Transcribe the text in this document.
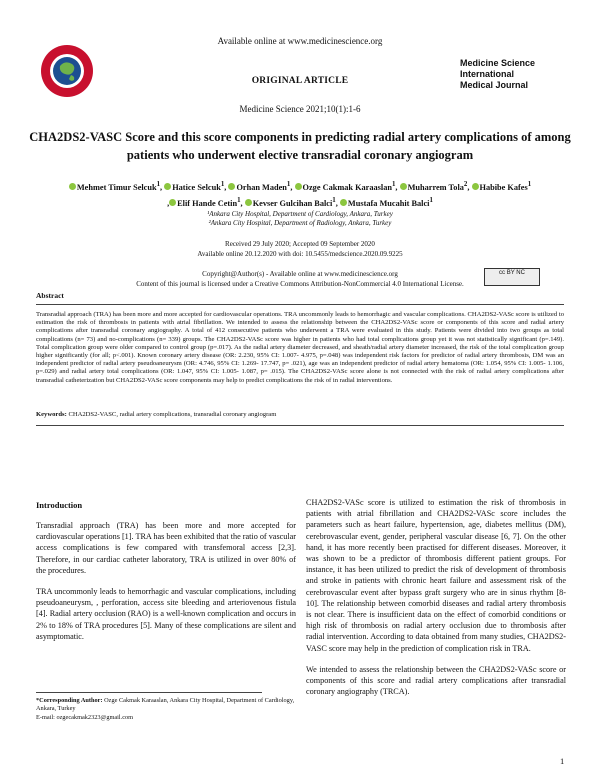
Medicine Science
International
Medical Journal
Available online at www.medicinescience.org
ORIGINAL ARTICLE
Medicine Science 2021;10(1):1-6
CHA2DS2-VASC Score and this score components in predicting radial artery complications of among patients who underwent elective transradial coronary angiogram
Mehmet Timur Selcuk$^1$, Hatice Selcuk$^1$, Orhan Maden$^1$, Ozge Cakmak Karaaslan$^1$, Muharrem Tola$^2$, Habibe Kafes$^1$
, Elif Hande Cetin$^1$, Kevser Gulcihan Balci$^1$, Mustafa Mucahit Balci$^1$
¹Ankara City Hospital, Department of Cardiology, Ankara, Turkey
²Ankara City Hospital, Department of Radiology, Ankara, Turkey
Received 29 July 2020; Accepted 09 September 2020
Available online 20.12.2020 with doi: 10.5455/medscience.2020.09.9225
Copyright@Author(s) - Available online at www.medicinescience.org
Content of this journal is licensed under a Creative Commons Attribution-NonCommercial 4.0 International License.
cc BY NC
Abstract
Transradial approach (TRA) has been more and more accepted for cardiovascular operations. TRA uncommonly leads to hemorrhagic and vascular complications. CHA2DS2-VASc score is utilized to estimation the risk of thrombosis in patients with atrial fibrillation. We intended to assess the relationship between the CHA2DS2-VASc score or components of this score and radial artery complications after transradial coronary angiography. A total of 412 consecutive patients who underwent a TRA were evaluated in this study. Patients were divided into two groups as total complications (n= 73) and no-complications (n= 339) groups. The CHA2DS2-VASc score was higher in patients who had total complications group yet it was not statistically significant (p=.149). Total complication group were older compared to control group (p=.017). As the radial artery diameter decreased, and sheath/radial artery diameter increased, the risk of the total complication group higher significantly (for all; p<.001). Known coronary artery disease (OR: 2.230, 95% CI: 1.007- 4.975, p=.048) was independent risk factors for predictor of radial artery thrombosis, DM was an independent predictor of radial artery pseudoaneurysm (OR: 4.746, 95% CI: 1.269- 17.747, p= .021), age was an independent predictor of radial artery hematoma (OR: 1.054, 95% CI: 1.005- 1.106, p=.029) and radial artery total complications (OR: 1.047, 95% CI: 1.005- 1.087, p= .015). The CHA2DS2-VASc score alone is not connected with the risk of radial artery complications after transradial catheterization but CHA2DS2-VASc score components may help to predict complications the risk of in radial interventions.
Keywords: CHA2DS2-VASC, radial artery complications, transradial coronary angiogram
Introduction

Transradial approach (TRA) has been more and more accepted for cardiovascular operations [1]. TRA has been exhibited that the ratio of vascular access complications is few compared with transfemoral access [2,3]. Therefore, in our cardiac catheter laboratory, TRA is utilized in over 80% of the procedures.

TRA uncommonly leads to hemorrhagic and vascular complications, including pseudoaneurysm, , perforation, access site bleeding and arteriovenous fistula [4]. Radial artery occlusion (RAO) is a well-known complication and occurs in 2% to 18% of TRA procedures [5]. Many of these complications are silent and asymptomatic.

CHA2DS2-VASc score is utilized to estimation the risk of thrombosis in patients with atrial fibrillation and CHA2DS2-VASc score includes the parameters such as heart failure, hypertension, age, diabetes mellitus (DM), cerebrovascular event, gender, peripheral vascular disease [6, 7]. On the other hand, it has more recently been practised for different diseases. Moreover, it was shown to be a predictor of thrombosis different patient groups. For instance, it has been utilized to predict the risk of development of thrombosis and stroke in patients with chronic heart failure and assessment risk of the cerebrovascular event after bypass graft surgery who are in sinus rhythm [8-10]. The relationship between comorbid diseases and radial artery thrombosis is not clear. There is insufficient data on the effect of comorbid conditions or high risk of thrombosis on radial artery occlusion due to thrombosis after radial intervention. According to data obtained from many studies, CHA2DS2-VASC score may help in the prediction of complication risk in TRA.

We intended to assess the relationship between the CHA2DS2-VASc score or components of this score and radial artery complications after transradial coronary angiography (TRCA).

*Corresponding Author: Ozge Cakmak Karaaslan, Ankara City Hospital, Department of Cardiology, Ankara, Turkey
E-mail: ozgecakmak2323@gmail.com
1
